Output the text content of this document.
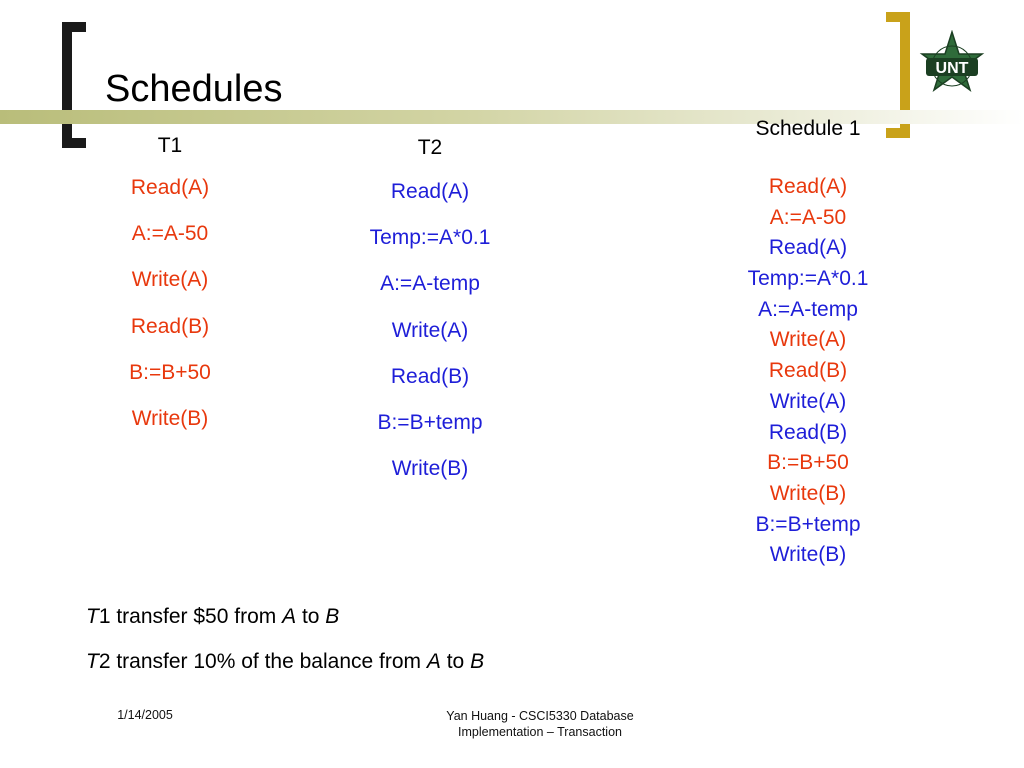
Schedules	UNT
T1
Read(A)
A:=A-50
Write(A)
Read(B)
B:=B+50
Write(B)
T2
Read(A)
Temp:=A*0.1
A:=A-temp
Write(A)
Read(B)
B:=B+temp
Write(B)
Schedule 1
Read(A)
A:=A-50
Read(A)
Temp:=A*0.1
A:=A-temp
Write(A)
Read(B)
Write(A)
Read(B)
B:=B+50
Write(B)
B:=B+temp
Write(B)
T1 transfer $50 from A to B
T2 transfer 10% of the balance from A to B
1/14/2005	Yan Huang - CSCI5330 Database
Implementation – Transaction
